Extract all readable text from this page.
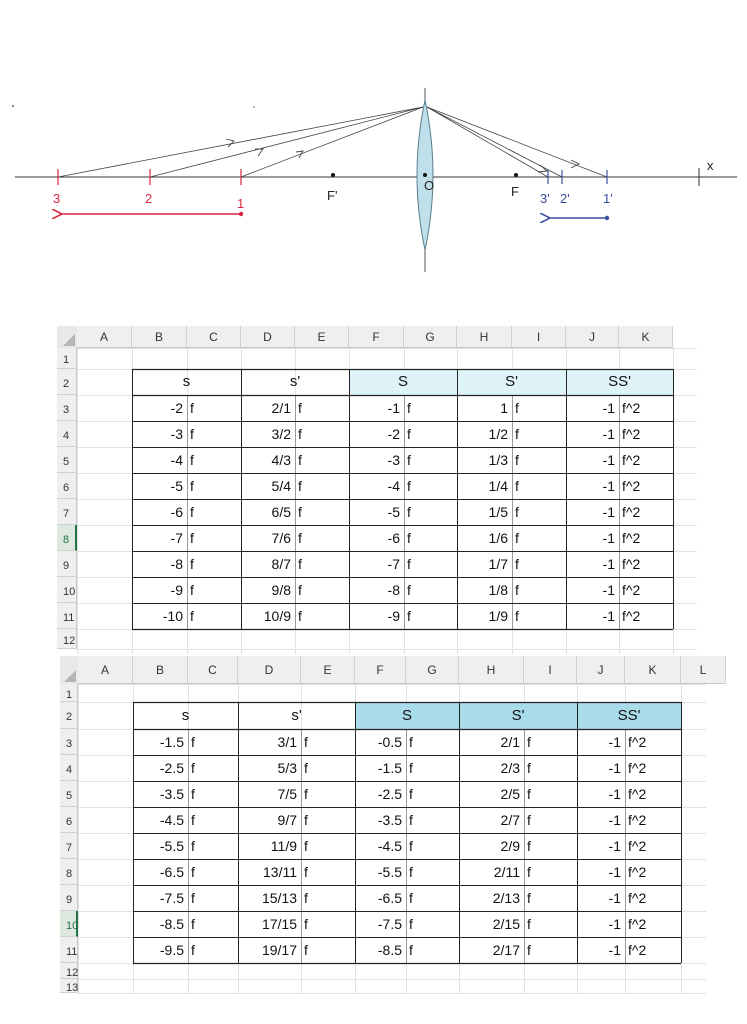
x
3	2	1
F'
O	F 3' 2'	1'
A	B	C	D	E	F	G	H	I	J	K
1
2
3
4
5
6
7
8
9
10
11
12
s	s'	S	S'	SS'
-2 f	2/1 f	-1 f	1 f	-1 f^2
-3 f	3/2 f	-2 f	1/2 f	-1 f^2
-4 f	4/3 f	-3 f	1/3 f	-1 f^2
-5 f	5/4 f	-4 f	1/4 f	-1 f^2
-6 f	6/5 f	-5 f	1/5 f	-1 f^2
-7 f	7/6 f	-6 f	1/6 f	-1 f^2
-8 f	8/7 f	-7 f	1/7 f	-1 f^2
-9 f	9/8 f	-8 f	1/8 f	-1 f^2
-10 f	10/9 f	-9 f	1/9 f	-1 f^2
A	B	C	D	E	F	G	H	I	J	K	L
1
2
3
4
5
6
7
8
9
10
11
12
13
s	s'	S	S'	SS'
-1.5 f	3/1 f	-0.5 f	2/1 f	-1 f^2
-2.5 f	5/3 f	-1.5 f	2/3 f	-1 f^2
-3.5 f	7/5 f	-2.5 f	2/5 f	-1 f^2
-4.5 f	9/7 f	-3.5 f	2/7 f	-1 f^2
-5.5 f	11/9 f	-4.5 f	2/9 f	-1 f^2
-6.5 f	13/11 f	-5.5 f	2/11 f	-1 f^2
-7.5 f	15/13 f	-6.5 f	2/13 f	-1 f^2
-8.5 f	17/15 f	-7.5 f	2/15 f	-1 f^2
-9.5 f	19/17 f	-8.5 f	2/17 f	-1 f^2
